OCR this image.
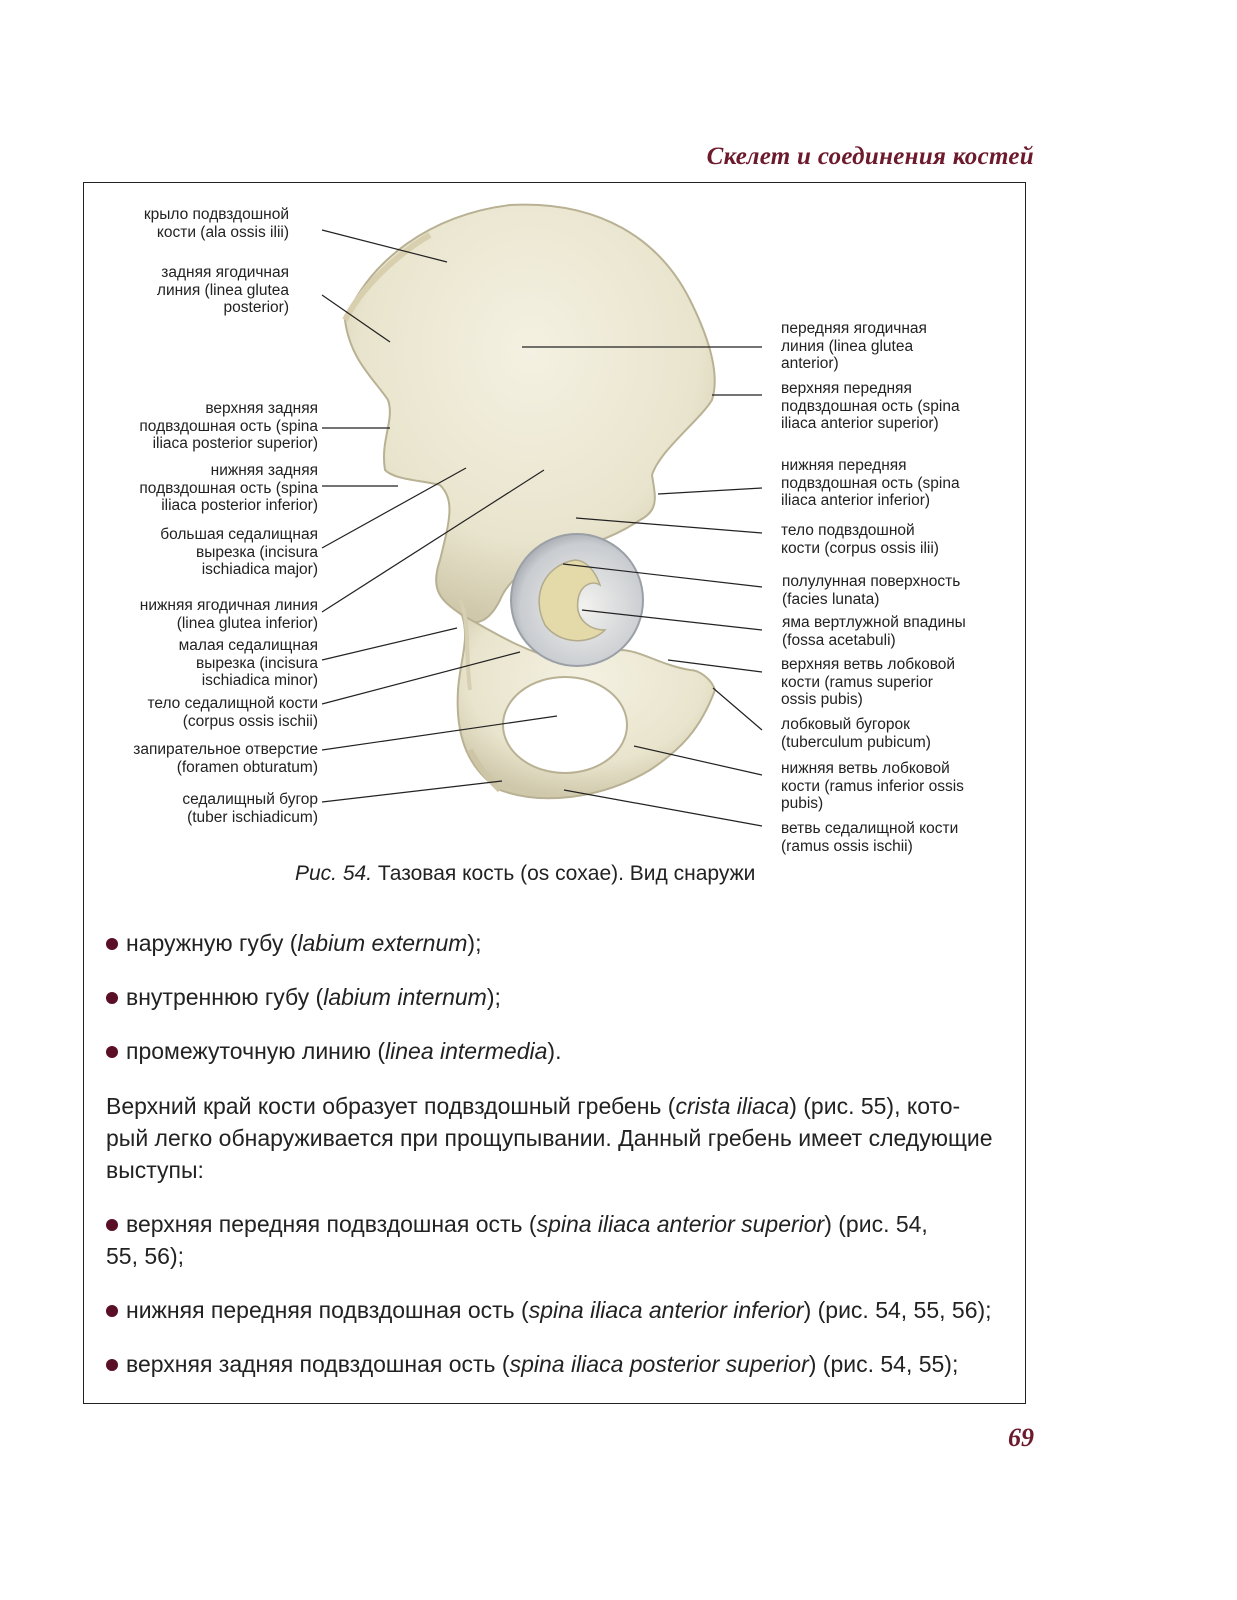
Скелет и соединения костей
крыло подвздошной
кости (ala ossis ilii)
задняя ягодичная
линия (linea glutea
posterior)
верхняя задняя
подвздошная ость (spina
iliaca posterior superior)
нижняя задняя
подвздошная ость (spina
iliaca posterior inferior)
большая седалищная
вырезка (incisura
ischiadica major)
нижняя ягодичная линия
(linea glutea inferior)
малая седалищная
вырезка (incisura
ischiadica minor)
тело седалищной кости
(corpus ossis ischii)
запирательное отверстие
(foramen obturatum)
седалищный бугор
(tuber ischiadicum)
передняя ягодичная
линия (linea glutea
anterior)
верхняя передняя
подвздошная ость (spina
iliaca anterior superior)
нижняя передняя
подвздошная ость (spina
iliaca anterior inferior)
тело подвздошной
кости (corpus ossis ilii)
полулунная поверхность
(facies lunata)
яма вертлужной впадины
(fossa acetabuli)
верхняя ветвь лобковой
кости (ramus superior
ossis pubis)
лобковый бугорок
(tuberculum pubicum)
нижняя ветвь лобковой
кости (ramus inferior ossis
pubis)
ветвь седалищной кости
(ramus ossis ischii)
Рис. 54. Тазовая кость (os coxae). Вид снаружи
наружную губу (labium externum);
внутреннюю губу (labium internum);
промежуточную линию (linea intermedia).
Верхний край кости образует подвздошный гребень (crista iliaca) (рис. 55), кото-
рый легко обнаруживается при прощупывании. Данный гребень имеет следующие
выступы:
верхняя передняя подвздошная ость (spina iliaca anterior superior) (рис. 54,
55, 56);
нижняя передняя подвздошная ость (spina iliaca anterior inferior) (рис. 54, 55, 56);
верхняя задняя подвздошная ость (spina iliaca posterior superior) (рис. 54, 55);
69
